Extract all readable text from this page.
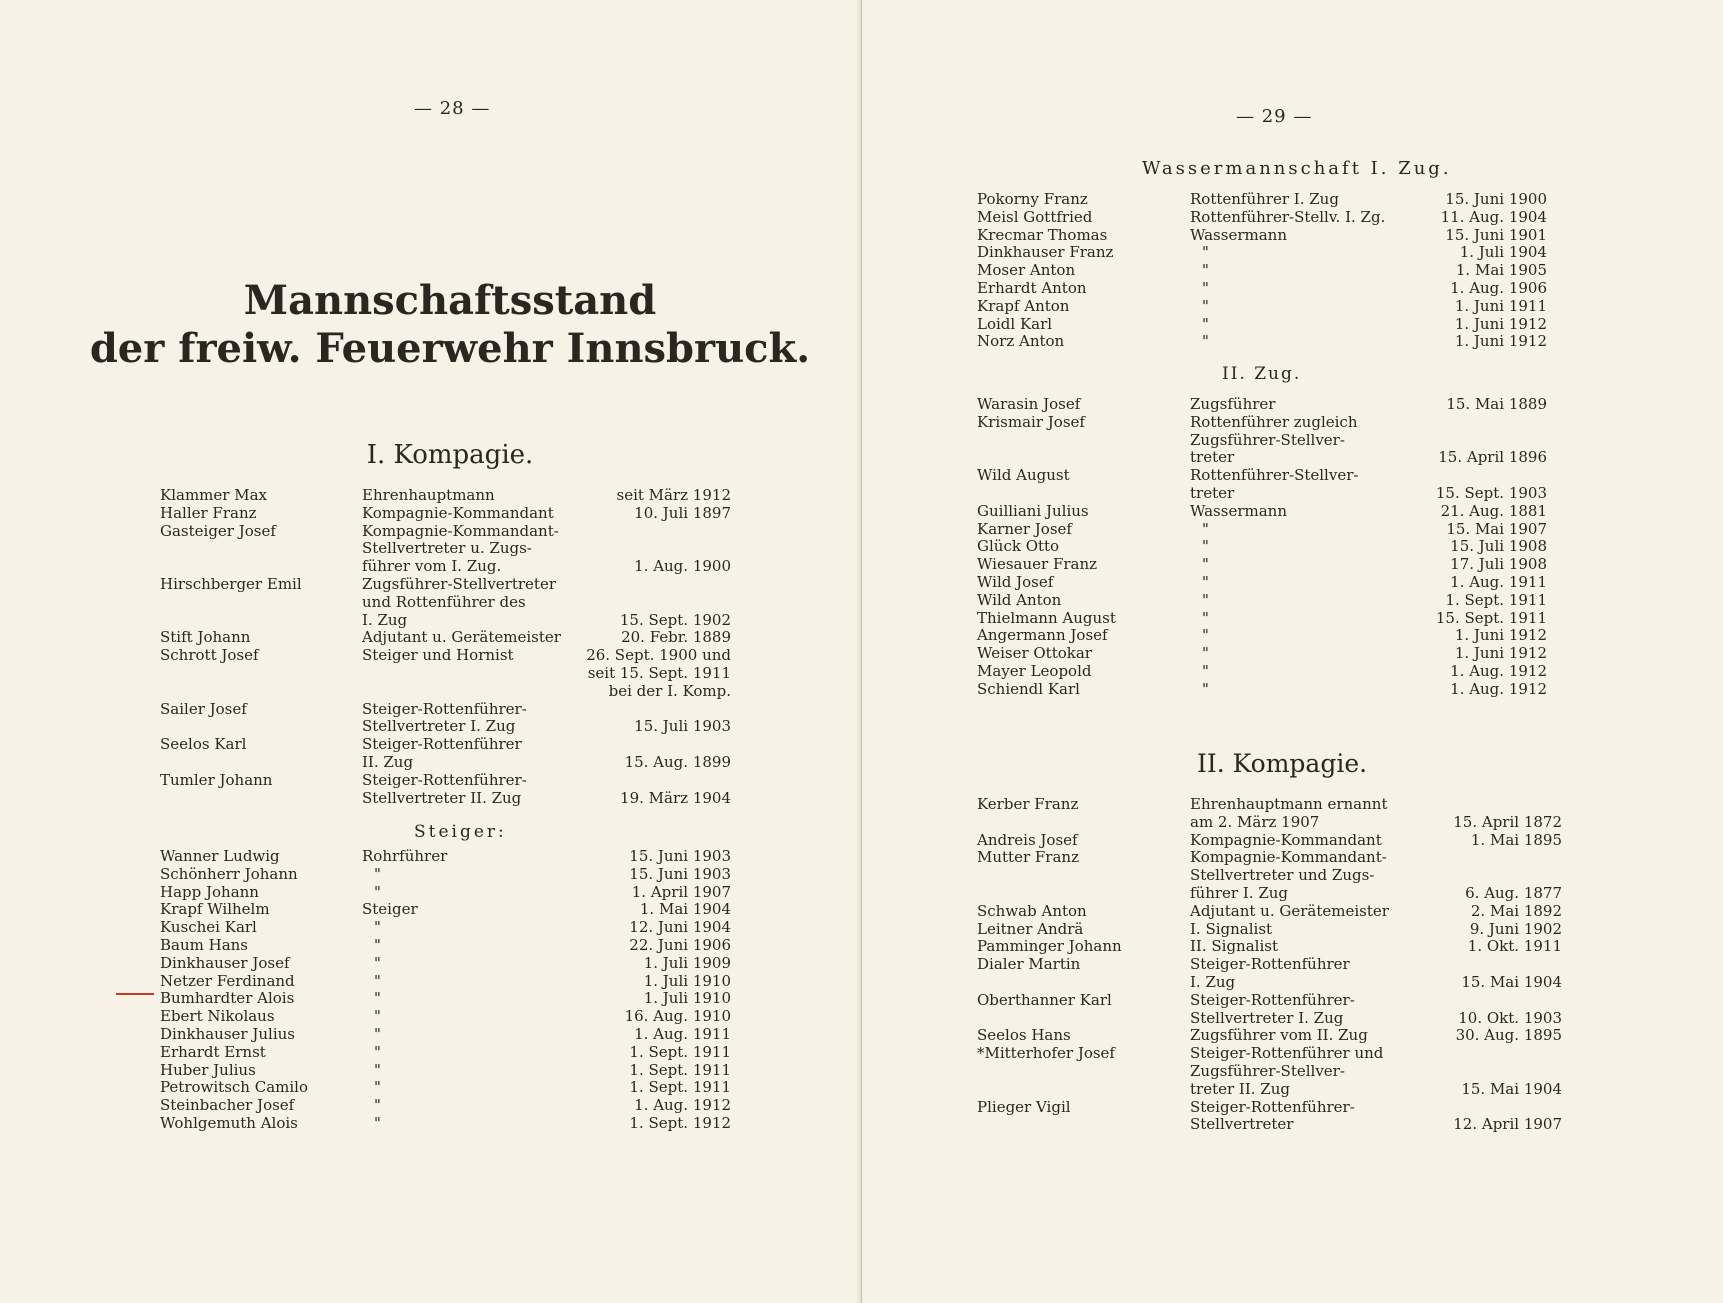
— 28 —
Mannschaftsstand
der freiw. Feuerwehr Innsbruck.
I. Kompagie.
Klammer Max	Ehrenhauptmann	seit März 1912
Haller Franz	Kompagnie-Kommandant	10. Juli 1897
Gasteiger Josef	Kompagnie-Kommandant-
Stellvertreter u. Zugs-
führer vom I. Zug.	1. Aug. 1900
Hirschberger Emil	Zugsführer-Stellvertreter
und Rottenführer des
I. Zug	15. Sept. 1902
Stift Johann	Adjutant u. Gerätemeister	20. Febr. 1889
Schrott Josef	Steiger und Hornist	26. Sept. 1900 und
seit 15. Sept. 1911
bei der I. Komp.
Sailer Josef	Steiger-Rottenführer-
Stellvertreter I. Zug	15. Juli 1903
Seelos Karl	Steiger-Rottenführer
II. Zug	15. Aug. 1899
Tumler Johann	Steiger-Rottenführer-
Stellvertreter II. Zug	19. März 1904
Steiger:
Wanner Ludwig	Rohrführer	15. Juni 1903
Schönherr Johann	"	15. Juni 1903
Happ Johann	"	1. April 1907
Krapf Wilhelm	Steiger	1. Mai 1904
Kuschei Karl	"	12. Juni 1904
Baum Hans	"	22. Juni 1906
Dinkhauser Josef	"	1. Juli 1909
Netzer Ferdinand	"	1. Juli 1910
Bumhardter Alois	"	1. Juli 1910
Ebert Nikolaus	"	16. Aug. 1910
Dinkhauser Julius	"	1. Aug. 1911
Erhardt Ernst	"	1. Sept. 1911
Huber Julius	"	1. Sept. 1911
Petrowitsch Camilo	"	1. Sept. 1911
Steinbacher Josef	"	1. Aug. 1912
Wohlgemuth Alois	"	1. Sept. 1912
— 29 —
Wassermannschaft I. Zug.
Pokorny Franz	Rottenführer I. Zug	15. Juni 1900
Meisl Gottfried	Rottenführer-Stellv. I. Zg.	11. Aug. 1904
Krecmar Thomas	Wassermann	15. Juni 1901
Dinkhauser Franz	"	1. Juli 1904
Moser Anton	"	1. Mai 1905
Erhardt Anton	"	1. Aug. 1906
Krapf Anton	"	1. Juni 1911
Loidl Karl	"	1. Juni 1912
Norz Anton	"	1. Juni 1912
II. Zug.
Warasin Josef	Zugsführer	15. Mai 1889
Krismair Josef	Rottenführer zugleich
Zugsführer-Stellver-
treter	15. April 1896
Wild August	Rottenführer-Stellver-
treter	15. Sept. 1903
Guilliani Julius	Wassermann	21. Aug. 1881
Karner Josef	"	15. Mai 1907
Glück Otto	"	15. Juli 1908
Wiesauer Franz	"	17. Juli 1908
Wild Josef	"	1. Aug. 1911
Wild Anton	"	1. Sept. 1911
Thielmann August	"	15. Sept. 1911
Angermann Josef	"	1. Juni 1912
Weiser Ottokar	"	1. Juni 1912
Mayer Leopold	"	1. Aug. 1912
Schiendl Karl	"	1. Aug. 1912
II. Kompagie.
Kerber Franz	Ehrenhauptmann ernannt
am 2. März 1907	15. April 1872
Andreis Josef	Kompagnie-Kommandant	1. Mai 1895
Mutter Franz	Kompagnie-Kommandant-
Stellvertreter und Zugs-
führer I. Zug	6. Aug. 1877
Schwab Anton	Adjutant u. Gerätemeister	2. Mai 1892
Leitner Andrä	I. Signalist	9. Juni 1902
Pamminger Johann	II. Signalist	1. Okt. 1911
Dialer Martin	Steiger-Rottenführer
I. Zug	15. Mai 1904
Oberthanner Karl	Steiger-Rottenführer-
Stellvertreter I. Zug	10. Okt. 1903
Seelos Hans	Zugsführer vom II. Zug	30. Aug. 1895
*Mitterhofer Josef	Steiger-Rottenführer und
Zugsführer-Stellver-
treter II. Zug	15. Mai 1904
Plieger Vigil	Steiger-Rottenführer-
Stellvertreter	12. April 1907
